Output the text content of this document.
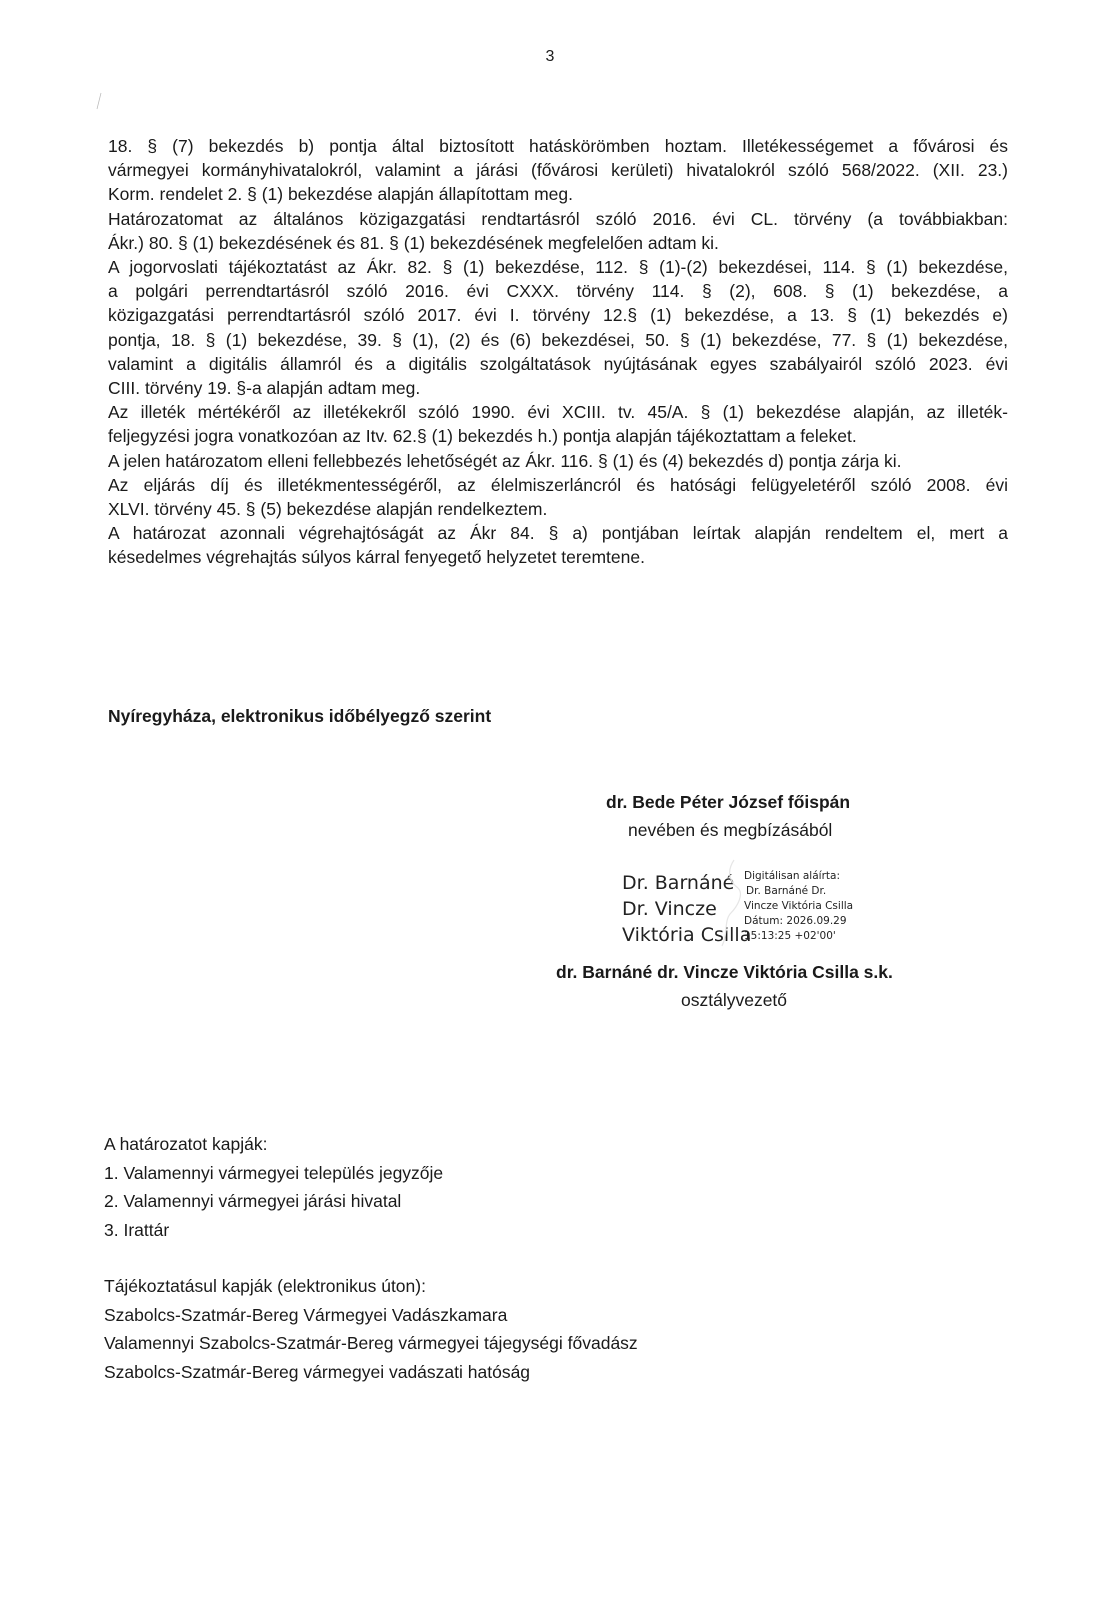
3
18. § (7) bekezdés b) pontja által biztosított hatáskörömben hoztam. Illetékességemet a fővárosi és
vármegyei kormányhivatalokról, valamint a járási (fővárosi kerületi) hivatalokról szóló 568/2022. (XII. 23.)
Korm. rendelet 2. § (1) bekezdése alapján állapítottam meg.
Határozatomat az általános közigazgatási rendtartásról szóló 2016. évi CL. törvény (a továbbiakban:
Ákr.) 80. § (1) bekezdésének és 81. § (1) bekezdésének megfelelően adtam ki.
A jogorvoslati tájékoztatást az Ákr. 82. § (1) bekezdése, 112. § (1)-(2) bekezdései, 114. § (1) bekezdése,
a polgári perrendtartásról szóló 2016. évi CXXX. törvény 114. § (2), 608. § (1) bekezdése, a
közigazgatási perrendtartásról szóló 2017. évi I. törvény 12.§ (1) bekezdése, a 13. § (1) bekezdés e)
pontja, 18. § (1) bekezdése, 39. § (1), (2) és (6) bekezdései, 50. § (1) bekezdése, 77. § (1) bekezdése,
valamint a digitális államról és a digitális szolgáltatások nyújtásának egyes szabályairól szóló 2023. évi
CIII. törvény 19. §-a alapján adtam meg.
Az illeték mértékéről az illetékekről szóló 1990. évi XCIII. tv. 45/A. § (1) bekezdése alapján, az illeték-
feljegyzési jogra vonatkozóan az Itv. 62.§ (1) bekezdés h.) pontja alapján tájékoztattam a feleket.
A jelen határozatom elleni fellebbezés lehetőségét az Ákr. 116. § (1) és (4) bekezdés d) pontja zárja ki.
Az eljárás díj és illetékmentességéről, az élelmiszerláncról és hatósági felügyeletéről szóló 2008. évi
XLVI. törvény 45. § (5) bekezdése alapján rendelkeztem.
A határozat azonnali végrehajtóságát az Ákr 84. § a) pontjában leírtak alapján rendeltem el, mert a
késedelmes végrehajtás súlyos kárral fenyegető helyzetet teremtene.
Nyíregyháza, elektronikus időbélyegző szerint
dr. Bede Péter József főispán
nevében és megbízásából
Dr. Barnáné
Dr. Vincze
Viktória Csilla
Digitálisan aláírta:
Dr. Barnáné Dr.
Vincze Viktória Csilla
Dátum: 2026.09.29
15:13:25 +02'00'
dr. Barnáné dr. Vincze Viktória Csilla s.k.
osztályvezető
A határozatot kapják:
1. Valamennyi vármegyei település jegyzője
2. Valamennyi vármegyei járási hivatal
3. Irattár
Tájékoztatásul kapják (elektronikus úton):
Szabolcs-Szatmár-Bereg Vármegyei Vadászkamara
Valamennyi Szabolcs-Szatmár-Bereg vármegyei tájegységi fővadász
Szabolcs-Szatmár-Bereg vármegyei vadászati hatóság
